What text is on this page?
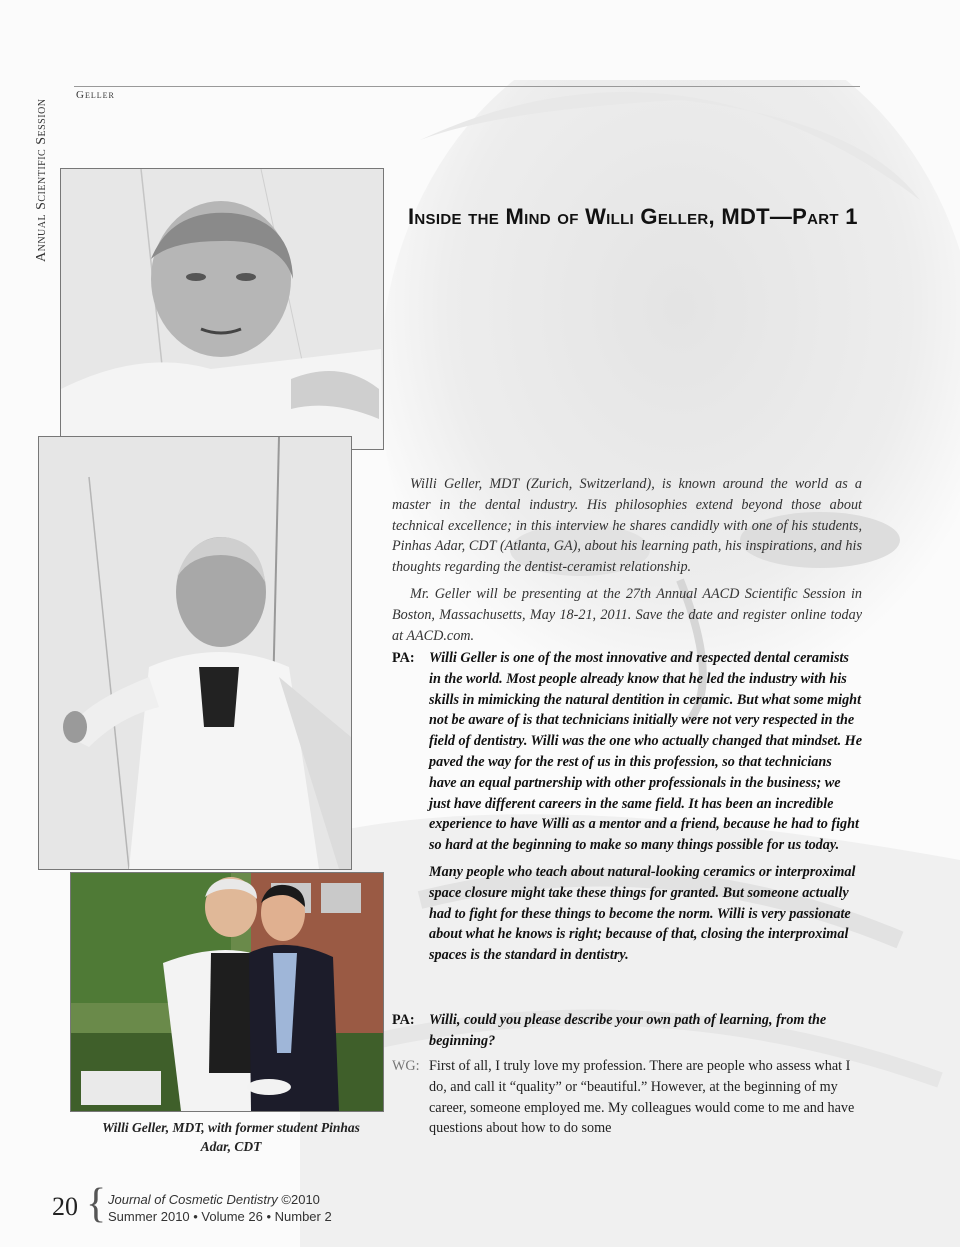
Annual Scientific Session
Geller
Inside the Mind of Willi Geller, MDT—Part 1

Willi Geller, MDT (Zurich, Switzerland), is known around the world as a master in the dental industry. His philosophies extend beyond those about technical excellence; in this interview he shares candidly with one of his students, Pinhas Adar, CDT (Atlanta, GA), about his learning path, his inspirations, and his thoughts regarding the dentist-ceramist relationship.

Mr. Geller will be presenting at the 27th Annual AACD Scientific Session in Boston, Massachusetts, May 18-21, 2011. Save the date and register online today at AACD.com.

PA:	Willi Geller is one of the most innovative and respected dental ceramists in the world. Most people already know that he led the industry with his skills in mimicking the natural dentition in ceramic. But what some might not be aware of is that technicians initially were not very respected in the field of dentistry. Willi was the one who actually changed that mindset. He paved the way for the rest of us in this profession, so that technicians have an equal partnership with other professionals in the business; we just have different careers in the same field. It has been an incredible experience to have Willi as a mentor and a friend, because he had to fight so hard at the beginning to make so many things possible for us today.
Many people who teach about natural-looking ceramics or interproximal space closure might take these things for granted. But someone actually had to fight for these things to become the norm. Willi is very passionate about what he knows is right; because of that, closing the interproximal spaces is the standard in dentistry.
PA:	Willi, could you please describe your own path of learning, from the beginning?
WG: First of all, I truly love my profession. There are people who assess what I do, and call it “quality” or “beautiful.” However, at the beginning of my career, someone employed me. My colleagues would come to me and have questions about how to do some
Willi Geller, MDT, with former student Pinhas Adar, CDT
20 { Journal of Cosmetic Dentistry ©2010
Summer 2010 • Volume 26 • Number 2
